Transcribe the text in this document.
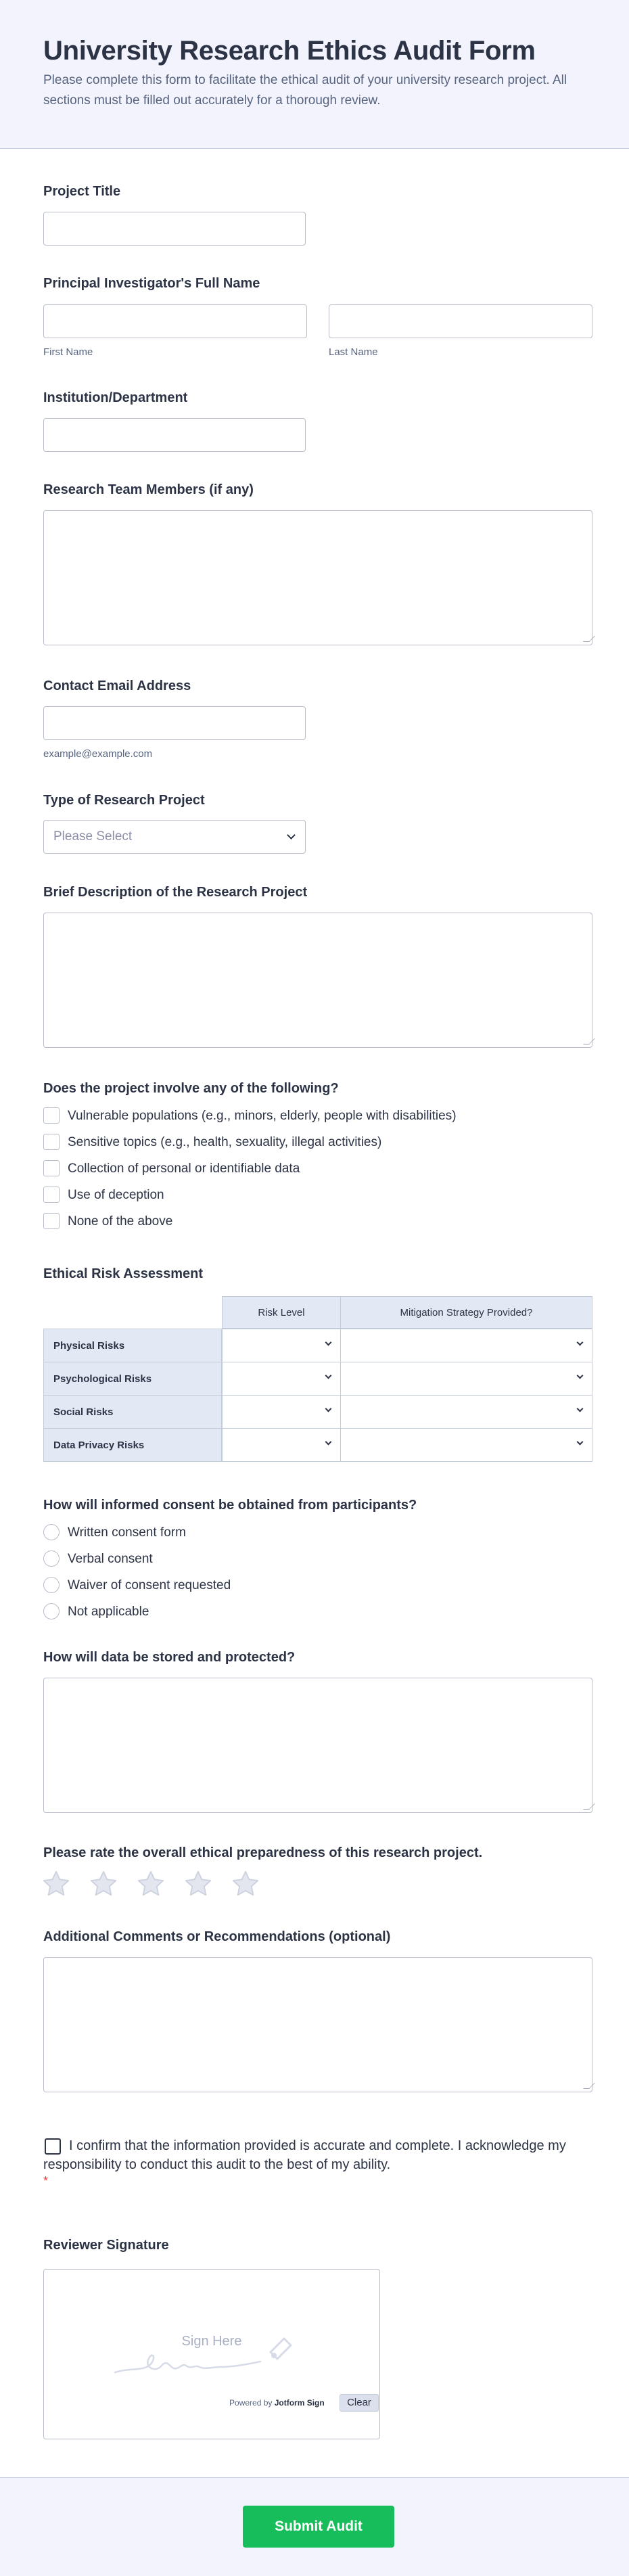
University Research Ethics Audit Form

Please complete this form to facilitate the ethical audit of your university research project. All sections must be filled out accurately for a thorough review.

Project Title
Principal Investigator's Full Name
First Name	Last Name
Institution/Department
Research Team Members (if any)
Contact Email Address
example@example.com
Type of Research Project
Please Select
Brief Description of the Research Project
Does the project involve any of the following?
Vulnerable populations (e.g., minors, elderly, people with disabilities)
Sensitive topics (e.g., health, sexuality, illegal activities)
Collection of personal or identifiable data
Use of deception
None of the above
Ethical Risk Assessment
Risk Level	Mitigation Strategy Provided?
Physical Risks
Psychological Risks
Social Risks
Data Privacy Risks
How will informed consent be obtained from participants?
Written consent form
Verbal consent
Waiver of consent requested
Not applicable
How will data be stored and protected?
Please rate the overall ethical preparedness of this research project.
Additional Comments or Recommendations (optional)
I confirm that the information provided is accurate and complete. I acknowledge my responsibility to conduct this audit to the best of my ability.
*
Reviewer Signature
Sign Here
Powered by Jotform Sign	Clear
Submit Audit
